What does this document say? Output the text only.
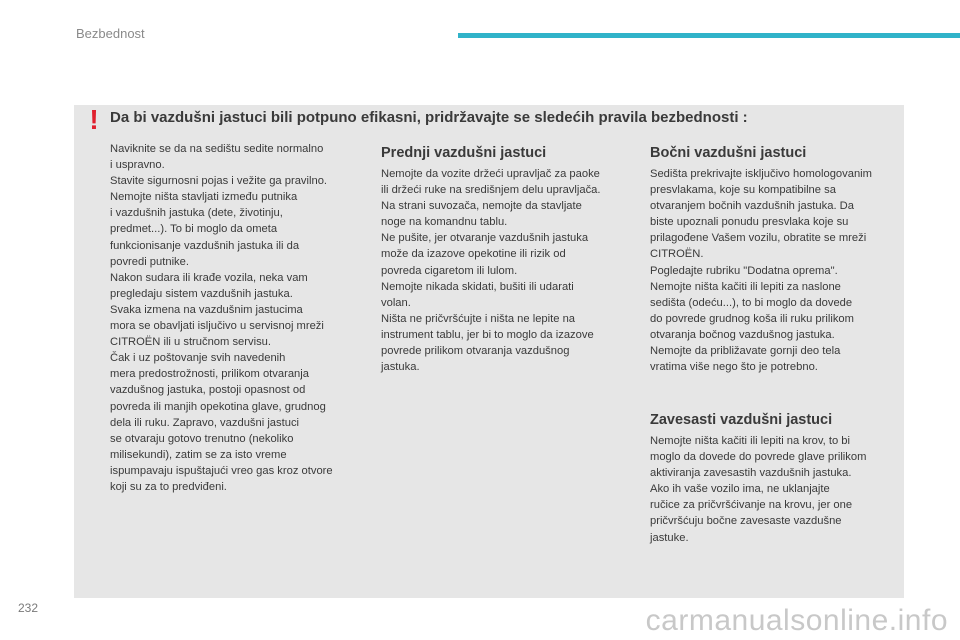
Bezbednost
! Da bi vazdušni jastuci bili potpuno efikasni, pridržavajte se sledećih pravila bezbednosti :

Naviknite se da na sedištu sedite normalno
i uspravno.
Stavite sigurnosni pojas i vežite ga pravilno.
Nemojte ništa stavljati između putnika
i vazdušnih jastuka (dete, životinju,
predmet...). To bi moglo da ometa
funkcionisanje vazdušnih jastuka ili da
povredi putnike.
Nakon sudara ili krađe vozila, neka vam
pregledaju sistem vazdušnih jastuka.
Svaka izmena na vazdušnim jastucima
mora se obavljati isljučivo u servisnoj mreži
CITROËN ili u stručnom servisu.
Čak i uz poštovanje svih navedenih
mera predostrožnosti, prilikom otvaranja
vazdušnog jastuka, postoji opasnost od
povreda ili manjih opekotina glave, grudnog
dela ili ruku. Zapravo, vazdušni jastuci
se otvaraju gotovo trenutno (nekoliko
milisekundi), zatim se za isto vreme
ispumpavaju ispuštajući vreo gas kroz otvore
koji su za to predviđeni.

Prednji vazdušni jastuci

Nemojte da vozite držeći upravljač za paoke
ili držeći ruke na središnjem delu upravljača.
Na strani suvozača, nemojte da stavljate
noge na komandnu tablu.
Ne pušite, jer otvaranje vazdušnih jastuka
može da izazove opekotine ili rizik od
povreda cigaretom ili lulom.
Nemojte nikada skidati, bušiti ili udarati
volan.
Ništa ne pričvršćujte i ništa ne lepite na
instrument tablu, jer bi to moglo da izazove
povrede prilikom otvaranja vazdušnog
jastuka.

Bočni vazdušni jastuci

Sedišta prekrivajte isključivo homologovanim
presvlakama, koje su kompatibilne sa
otvaranjem bočnih vazdušnih jastuka. Da
biste upoznali ponudu presvlaka koje su
prilagođene Vašem vozilu, obratite se mreži
CITROËN.
Pogledajte rubriku "Dodatna oprema".
Nemojte ništa kačiti ili lepiti za naslone
sedišta (odeću...), to bi moglo da dovede
do povrede grudnog koša ili ruku prilikom
otvaranja bočnog vazdušnog jastuka.
Nemojte da približavate gornji deo tela
vratima više nego što je potrebno.

Zavesasti vazdušni jastuci

Nemojte ništa kačiti ili lepiti na krov, to bi
moglo da dovede do povrede glave prilikom
aktiviranja zavesastih vazdušnih jastuka.
Ako ih vaše vozilo ima, ne uklanjajte
ručice za pričvršćivanje na krovu, jer one
pričvršćuju bočne zavesaste vazdušne
jastuke.

232	carmanualsonline.info
